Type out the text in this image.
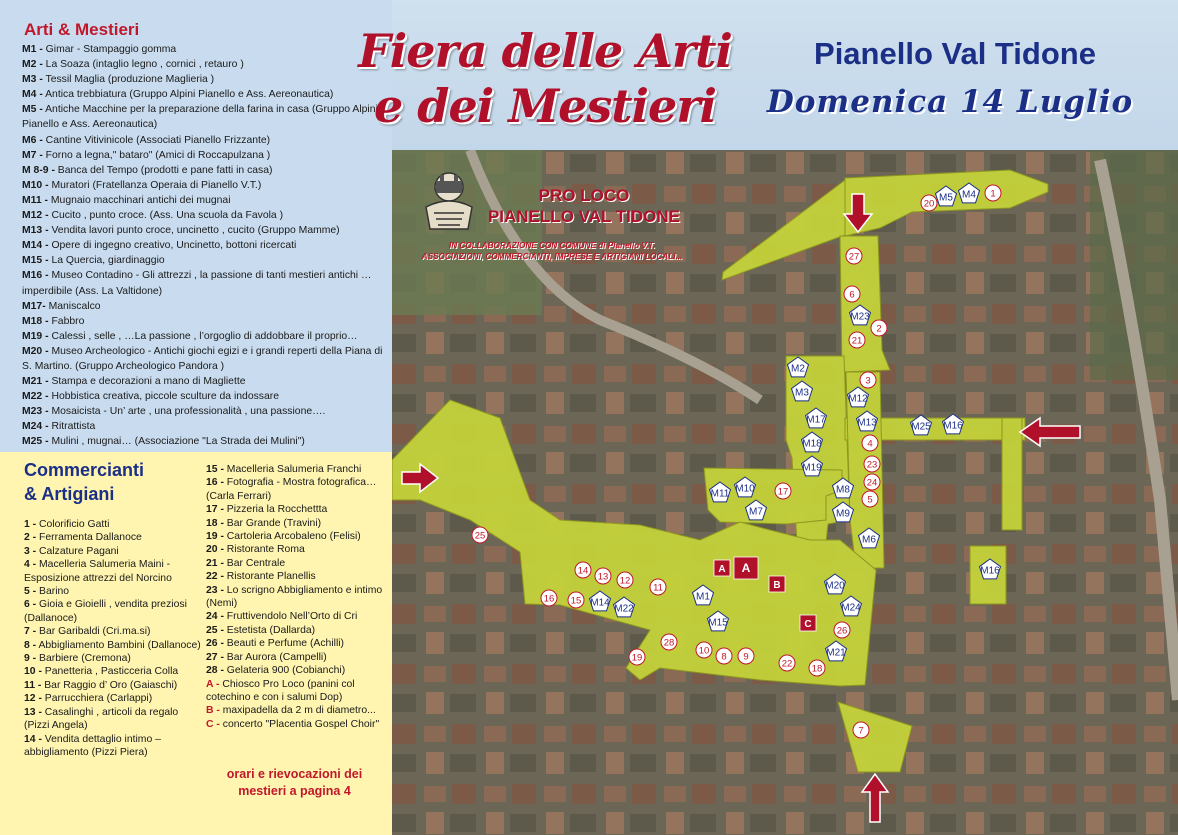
Arti & Mestieri
M1 - Gimar - Stampaggio gomma
M2 - La Soaza (intaglio legno , cornici , retauro )
M3 - Tessil Maglia (produzione Maglieria )
M4 - Antica trebbiatura (Gruppo Alpini Pianello e Ass. Aereonautica)
M5 - Antiche Macchine per la preparazione della farina in casa (Gruppo Alpini Pianello e Ass. Aereonautica)
M6 - Cantine Vitivinicole (Associati Pianello Frizzante)
M7 - Forno a legna," bataro" (Amici di Roccapulzana )
M 8-9 - Banca del Tempo (prodotti e pane fatti in casa)
M10 - Muratori (Fratellanza Operaia di Pianello V.T.)
M11 - Mugnaio macchinari antichi dei mugnai
M12 - Cucito , punto croce. (Ass. Una scuola da Favola )
M13 - Vendita lavori punto croce, uncinetto , cucito (Gruppo Mamme)
M14 - Opere di ingegno creativo, Uncinetto, bottoni ricercati
M15 - La Quercia, giardinaggio
M16 - Museo Contadino - Gli attrezzi , la passione di tanti mestieri antichi … imperdibile (Ass. La Valtidone)
M17- Maniscalco
M18 - Fabbro
M19 - Calessi , selle , …La passione , l’orgoglio di addobbare il proprio…
M20 - Museo Archeologico - Antichi giochi egizi e i grandi reperti della Piana di S. Martino. (Gruppo Archeologico Pandora )
M21 - Stampa e decorazioni a mano di Magliette
M22 - Hobbistica creativa, piccole sculture da indossare
M23 - Mosaicista - Un’ arte , una professionalità , una passione….
M24 - Ritrattista
M25 - Mulini , mugnai… (Associazione "La Strada dei Mulini")
Commercianti
& Artigiani
1 - Colorificio Gatti
2 - Ferramenta Dallanoce
3 - Calzature Pagani
4 - Macelleria Salumeria Maini - Esposizione attrezzi del Norcino
5 - Barino
6 - Gioia e Gioielli , vendita preziosi (Dallanoce)
7 - Bar Garibaldi (Cri.ma.si)
8 - Abbigliamento Bambini (Dallanoce)
9 - Barbiere (Cremona)
10 - Panetteria , Pasticceria Colla
11 - Bar Raggio d’ Oro (Gaiaschi)
12 - Parrucchiera (Carlappi)
13 - Casalinghi , articoli da regalo (Pizzi Angela)
14 - Vendita dettaglio intimo – abbigliamento (Pizzi Piera)
15 - Macelleria Salumeria Franchi
16 - Fotografia - Mostra fotografica… (Carla Ferrari)
17 - Pizzeria la Rocchettta
18 - Bar Grande (Travini)
19 - Cartoleria Arcobaleno (Felisi)
20 - Ristorante Roma
21 - Bar Centrale
22 - Ristorante Planellis
23 - Lo scrigno Abbigliamento e intimo (Nemi)
24 - Fruttivendolo Nell’Orto di Cri
25 - Estetista (Dallarda)
26 - Beauti e Perfume (Achilli)
27 - Bar Aurora (Campelli)
28 - Gelateria 900 (Cobianchi)
A - Chiosco Pro Loco (panini col cotechino e con i salumi Dop)
B - maxipadella da 2 m di diametro...
C - concerto "Placentia Gospel Choir"
orari e rievocazioni dei
mestieri a pagina 4
Fiera delle Arti
e dei Mestieri
Pianello Val Tidone
Domenica 14 Luglio
M1
M2
M3
M4
M5
M6
M7
M8
M9
M10
M11
M12
M13
M14
M15
M16
M16
M17
M18
M19
M20
M21
M22
M23
M24
M25
1
2
3
4
5
6
7
8 9
10
11
12
13
14
15
16
17
18
19
20
21
22
23
24
25
26
27
28
A A
B
C
PRO LOCO
PIANELLO VAL TIDONE
IN COLLABORAZIONE CON COMUNE di Pianello V.T.
ASSOCIAZIONI, COMMERCIANTI, IMPRESE E ARTIGIANI LOCALI...
